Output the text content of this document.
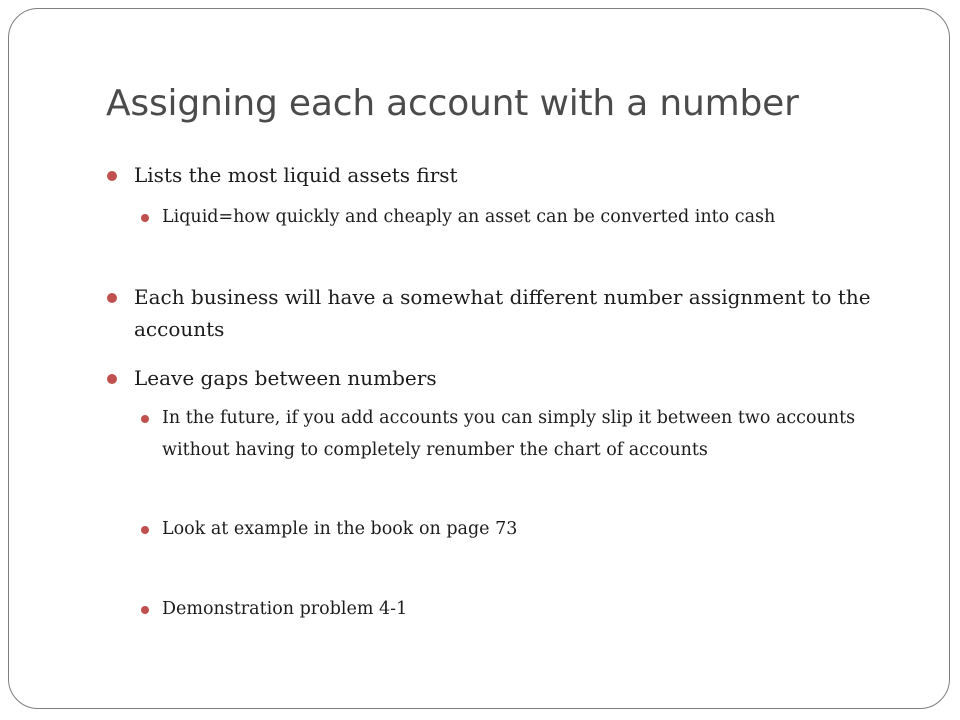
Assigning each account with a number
Lists the most liquid assets first
Liquid=how quickly and cheaply an asset can be converted into cash
Each business will have a somewhat different number assignment to the accounts
Leave gaps between numbers
In the future, if you add accounts you can simply slip it between two accounts without having to completely renumber the chart of accounts
Look at example in the book on page 73
Demonstration problem 4-1
